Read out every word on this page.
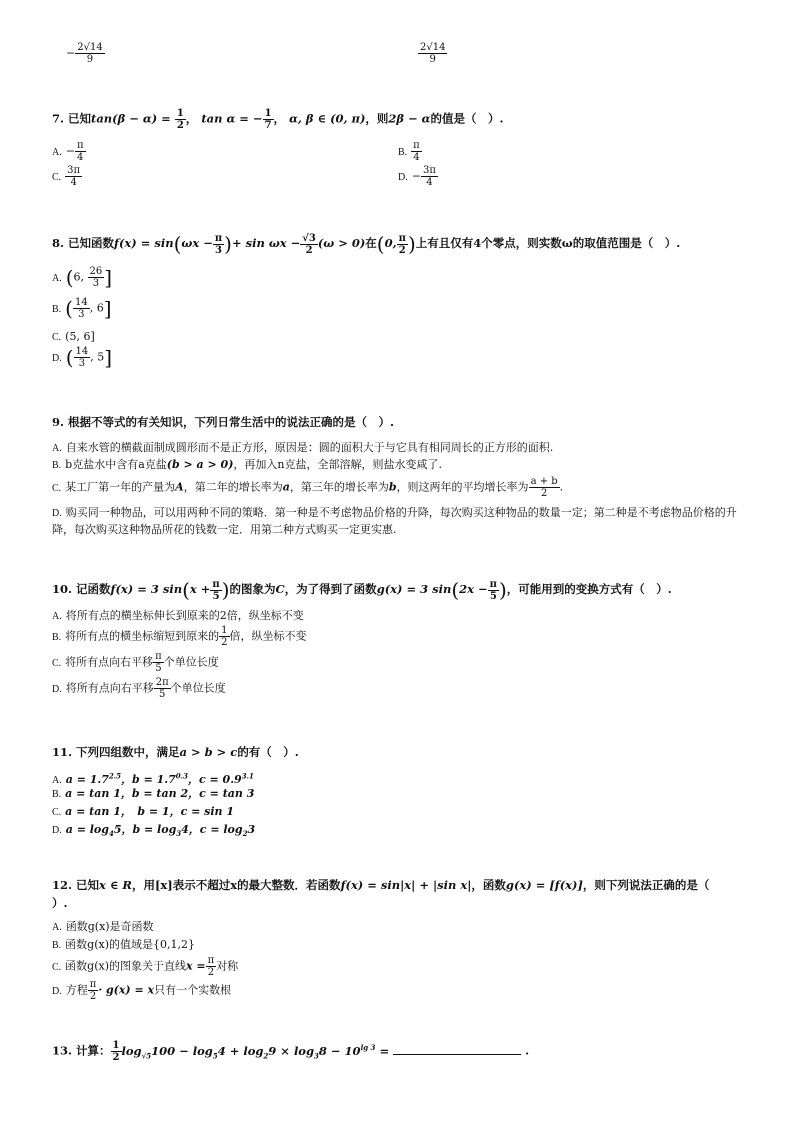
− $\frac{2√14}{9}$	$\frac{2√14}{9}$
7. 已知$\tan(\beta - \alpha) = \frac{1}{2}$ ， tan α = − $\frac{1}{7}$ ， α, β ∈ (0, π)，则2β − α的值是（　）.
A. − $\frac{\pi}{4}$	B. $\frac{\pi}{4}$
C. $\frac{3\pi}{4}$	D. − $\frac{3\pi}{4}$
8. 已知函数$f(x) = \sin(\omega x - \frac{\pi}{3}$ )+ $\sin \omega x - \frac{√3}{2} (\omega > 0)$在(0, $\frac{\pi}{2}$ )上有且仅有4个零点，则实数ω的取值范围是（　）.
A. (6, $\frac{26}{3}$ ]
B. ( $\frac{14}{3}$ , 6]
C. (5, 6]
D. ( $\frac{14}{3}$ , 5]
9. 根据不等式的有关知识，下列日常生活中的说法正确的是（　）.
A. 自来水管的横截面制成圆形而不是正方形，原因是：圆的面积大于与它具有相同周长的正方形的面积.
B. b克盐水中含有a克盐(b > a > 0)，再加入n克盐，全部溶解，则盐水变咸了.
C. 某工厂第一年的产量为A，第二年的增长率为a，第三年的增长率为b，则这两年的平均增长率为 $\frac{a + b}{2}$ .
D. 购买同一种物品，可以用两种不同的策略．第一种是不考虑物品价格的升降，每次购买这种物品的数量一定；第二种是不考虑物品价格的升降，每次购买这种物品所花的钱数一定．用第二种方式购买一定更实惠.
10. 记函数f(x) = 3 $\sin(x + \frac{\pi}{5}$ )的图象为C，为了得到了函数g(x) = 3 $\sin(2x - \frac{\pi}{5}$ )，可能用到的变换方式有（　）.
A. 将所有点的横坐标伸长到原来的2倍，纵坐标不变
B. 将所有点的横坐标缩短到原来的 $\frac{1}{2}$ 倍，纵坐标不变
C. 将所有点向右平移 $\frac{\pi}{5}$ 个单位长度
D. 将所有点向右平移 $\frac{2\pi}{5}$ 个单位长度
11. 下列四组数中，满足a > b > c的有（　）.
A. $a = 1.7^{2.5}$，$b = 1.7^{0.3}$，$c = 0.9^{3.1}$
B. a = tan 1，b = tan 2，c = tan 3
C. a = tan 1，　b = 1，c = sin 1
D. $a = \log_45$，$b = \log_34$，$c = \log_23$
12. 已知x ∈ R，用[x]表示不超过x的最大整数．若函数f(x) = sin|x| + |sin x|，函数g(x) = [f(x)]，则下列说法正确的是（
）.
A. 函数g(x)是奇函数
B. 函数g(x)的值域是{0,1,2}
C. 函数g(x)的图象关于直线$x = \frac{\pi}{2}$ 对称
D. 方程 $\frac{\pi}{2} \cdot g(x) = x$只有一个实数根
13. 计算： $\frac{1}{2} \log_{√5}100 - \log_54 + \log_29 \times \log_38 - 10^{lg 3}$ =	.
